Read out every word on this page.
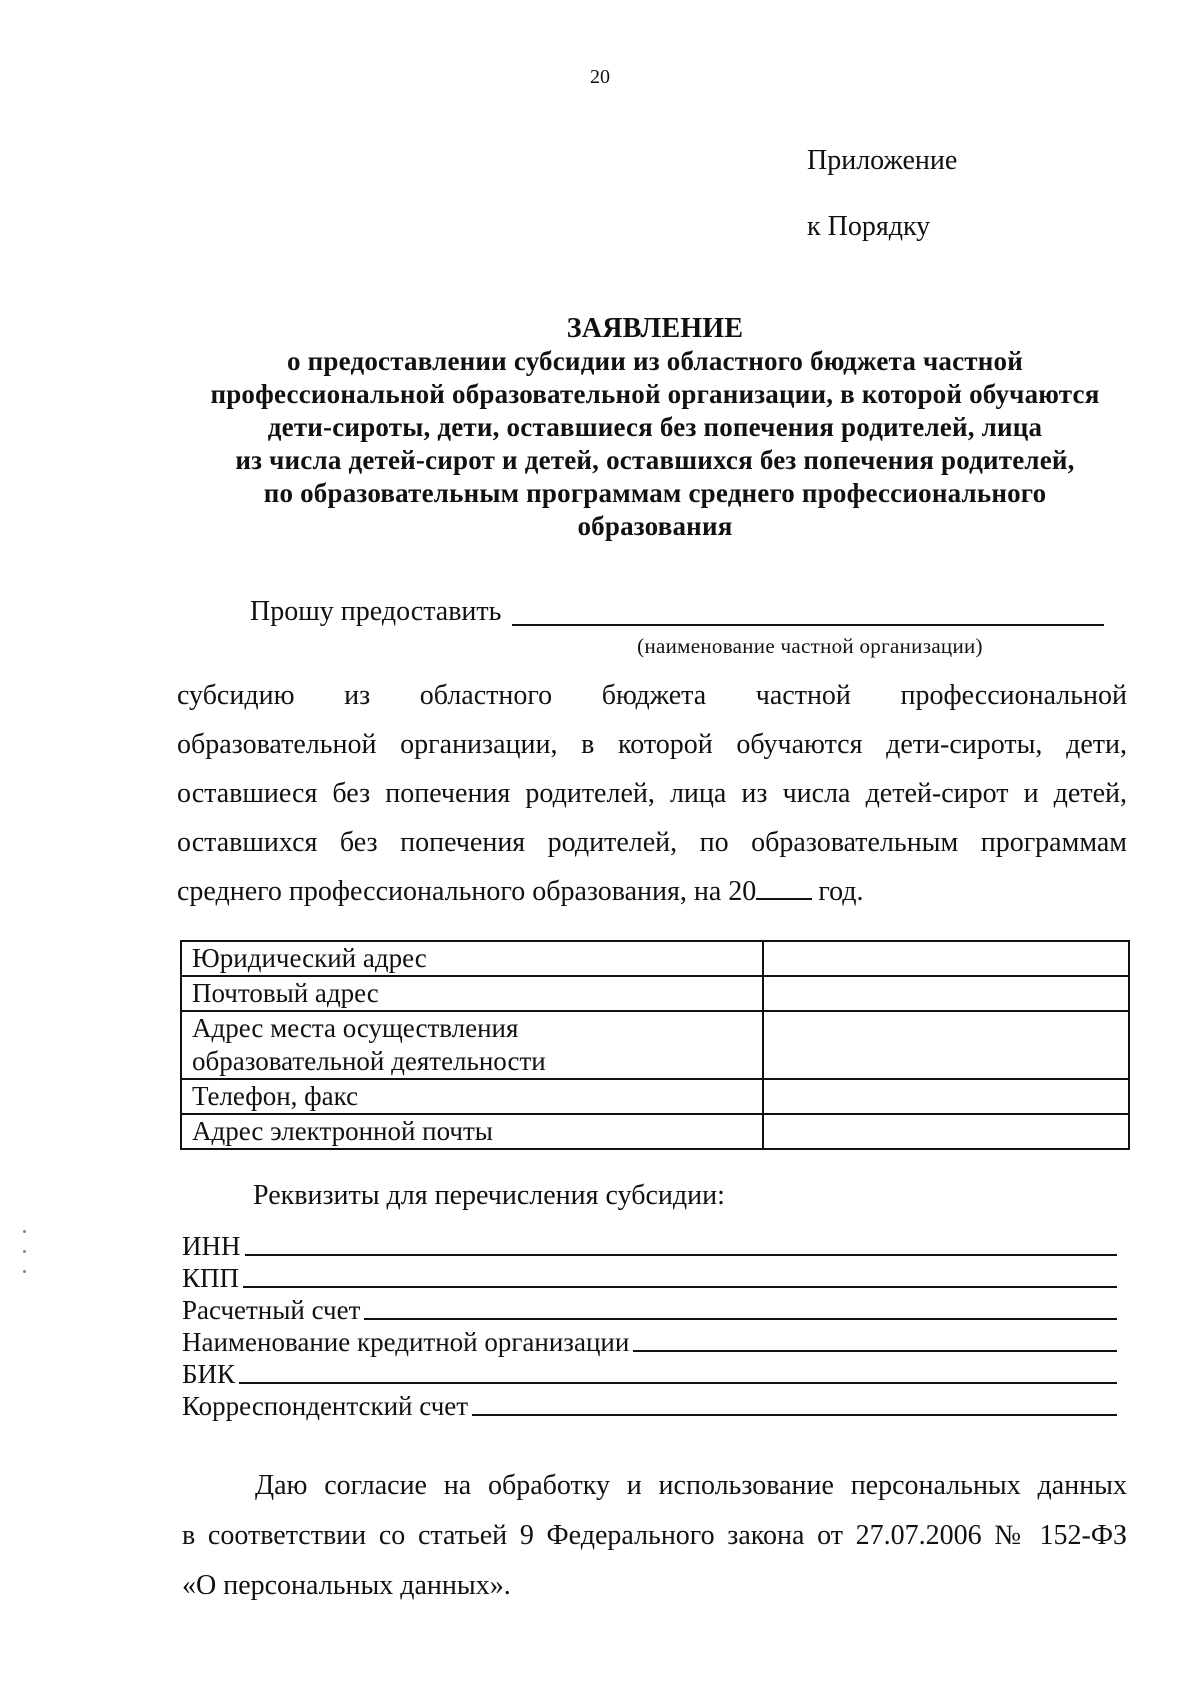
20
Приложение
к Порядку
ЗАЯВЛЕНИЕ
о предоставлении субсидии из областного бюджета частной
профессиональной образовательной организации, в которой обучаются
дети-сироты, дети, оставшиеся без попечения родителей, лица
из числа детей-сирот и детей, оставшихся без попечения родителей,
по образовательным программам среднего профессионального
образования
Прошу предоставить
(наименование частной организации)
субсидию из областного бюджета частной профессиональной
образовательной организации, в которой обучаются дети-сироты, дети,
оставшиеся без попечения родителей, лица из числа детей-сирот и детей,
оставшихся без попечения родителей, по образовательным программам
среднего профессионального образования, на 20 год.
Юридический адрес	
Почтовый адрес	
Адрес места осуществления образовательной деятельности	
Телефон, факс	
Адрес электронной почты	
Реквизиты для перечисления субсидии:
ИНН
КПП
Расчетный счет
Наименование кредитной организации
БИК
Корреспондентский счет
Даю согласие на обработку и использование персональных данных
в соответствии со статьей 9 Федерального закона от 27.07.2006 № 152-ФЗ
«О персональных данных».
